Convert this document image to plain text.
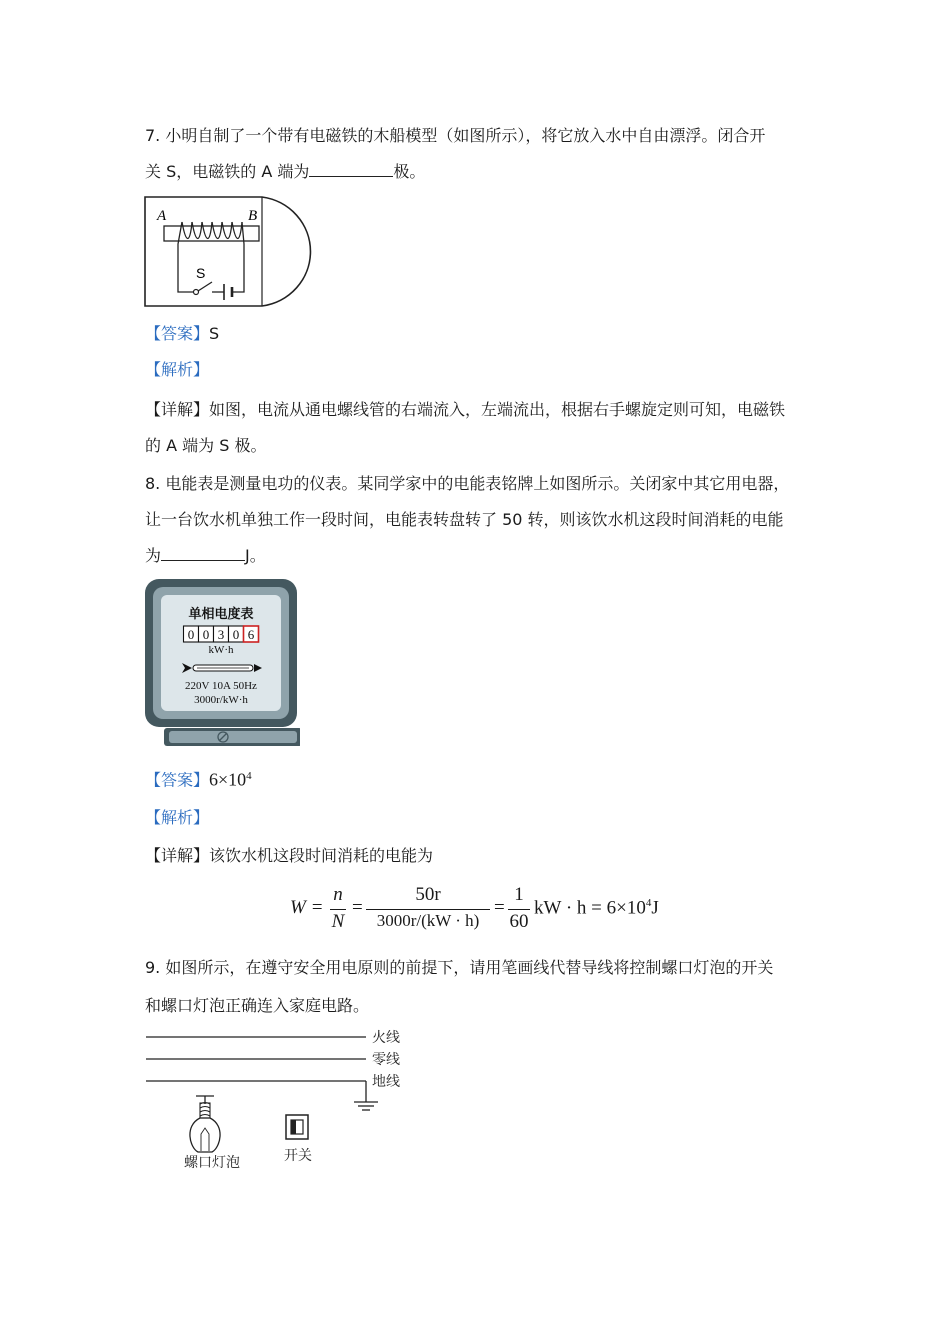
7. 小明自制了一个带有电磁铁的木船模型（如图所示），将它放入水中自由漂浮。闭合开
关 S，电磁铁的 A 端为	极。
A	B
S
【答案】S
【解析】
【详解】如图，电流从通电螺线管的右端流入，左端流出，根据右手螺旋定则可知，电磁铁
的 A 端为 S 极。
8. 电能表是测量电功的仪表。某同学家中的电能表铭牌上如图所示。关闭家中其它用电器，
让一台饮水机单独工作一段时间，电能表转盘转了 50 转，则该饮水机这段时间消耗的电能
为	J。
单相电度表
0 0 3 0 6
kW·h
220V 10A 50Hz
3000r/kW·h
【答案】$6\times 10^4$
【解析】
【详解】该饮水机这段时间消耗的电能为
W =
n
N
=
50r
3000r/(kW · h)
=
1
60
kW · $h = 6\times 10^4J$
9. 如图所示，在遵守安全用电原则的前提下，请用笔画线代替导线将控制螺口灯泡的开关
和螺口灯泡正确连入家庭电路。
火线
零线
地线
螺口灯泡	开关
